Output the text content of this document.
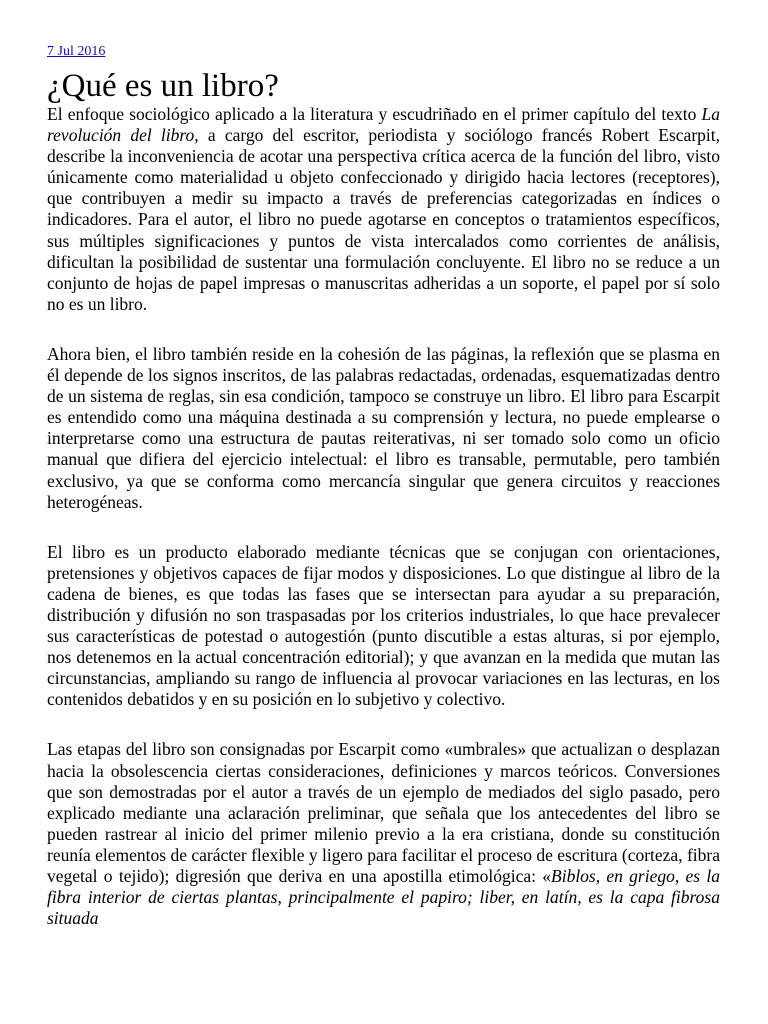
7 Jul 2016
¿Qué es un libro?

El enfoque sociológico aplicado a la literatura y escudriñado en el primer capítulo del texto La revolución del libro, a cargo del escritor, periodista y sociólogo francés Robert Escarpit, describe la inconveniencia de acotar una perspectiva crítica acerca de la función del libro, visto únicamente como materialidad u objeto confeccionado y dirigido hacia lectores (receptores), que contribuyen a medir su impacto a través de preferencias categorizadas en índices o indicadores. Para el autor, el libro no puede agotarse en conceptos o tratamientos específicos, sus múltiples significaciones y puntos de vista intercalados como corrientes de análisis, dificultan la posibilidad de sustentar una formulación concluyente. El libro no se reduce a un conjunto de hojas de papel impresas o manuscritas adheridas a un soporte, el papel por sí solo no es un libro.

Ahora bien, el libro también reside en la cohesión de las páginas, la reflexión que se plasma en él depende de los signos inscritos, de las palabras redactadas, ordenadas, esquematizadas dentro de un sistema de reglas, sin esa condición, tampoco se construye un libro. El libro para Escarpit es entendido como una máquina destinada a su comprensión y lectura, no puede emplearse o interpretarse como una estructura de pautas reiterativas, ni ser tomado solo como un oficio manual que difiera del ejercicio intelectual: el libro es transable, permutable, pero también exclusivo, ya que se conforma como mercancía singular que genera circuitos y reacciones heterogéneas.

El libro es un producto elaborado mediante técnicas que se conjugan con orientaciones, pretensiones y objetivos capaces de fijar modos y disposiciones. Lo que distingue al libro de la cadena de bienes, es que todas las fases que se intersectan para ayudar a su preparación, distribución y difusión no son traspasadas por los criterios industriales, lo que hace prevalecer sus características de potestad o autogestión (punto discutible a estas alturas, si por ejemplo, nos detenemos en la actual concentración editorial); y que avanzan en la medida que mutan las circunstancias, ampliando su rango de influencia al provocar variaciones en las lecturas, en los contenidos debatidos y en su posición en lo subjetivo y colectivo.

Las etapas del libro son consignadas por Escarpit como «umbrales» que actualizan o desplazan hacia la obsolescencia ciertas consideraciones, definiciones y marcos teóricos. Conversiones que son demostradas por el autor a través de un ejemplo de mediados del siglo pasado, pero explicado mediante una aclaración preliminar, que señala que los antecedentes del libro se pueden rastrear al inicio del primer milenio previo a la era cristiana, donde su constitución reunía elementos de carácter flexible y ligero para facilitar el proceso de escritura (corteza, fibra vegetal o tejido); digresión que deriva en una apostilla etimológica: «Biblos, en griego, es la fibra interior de ciertas plantas, principalmente el papiro; liber, en latín, es la capa fibrosa situada
